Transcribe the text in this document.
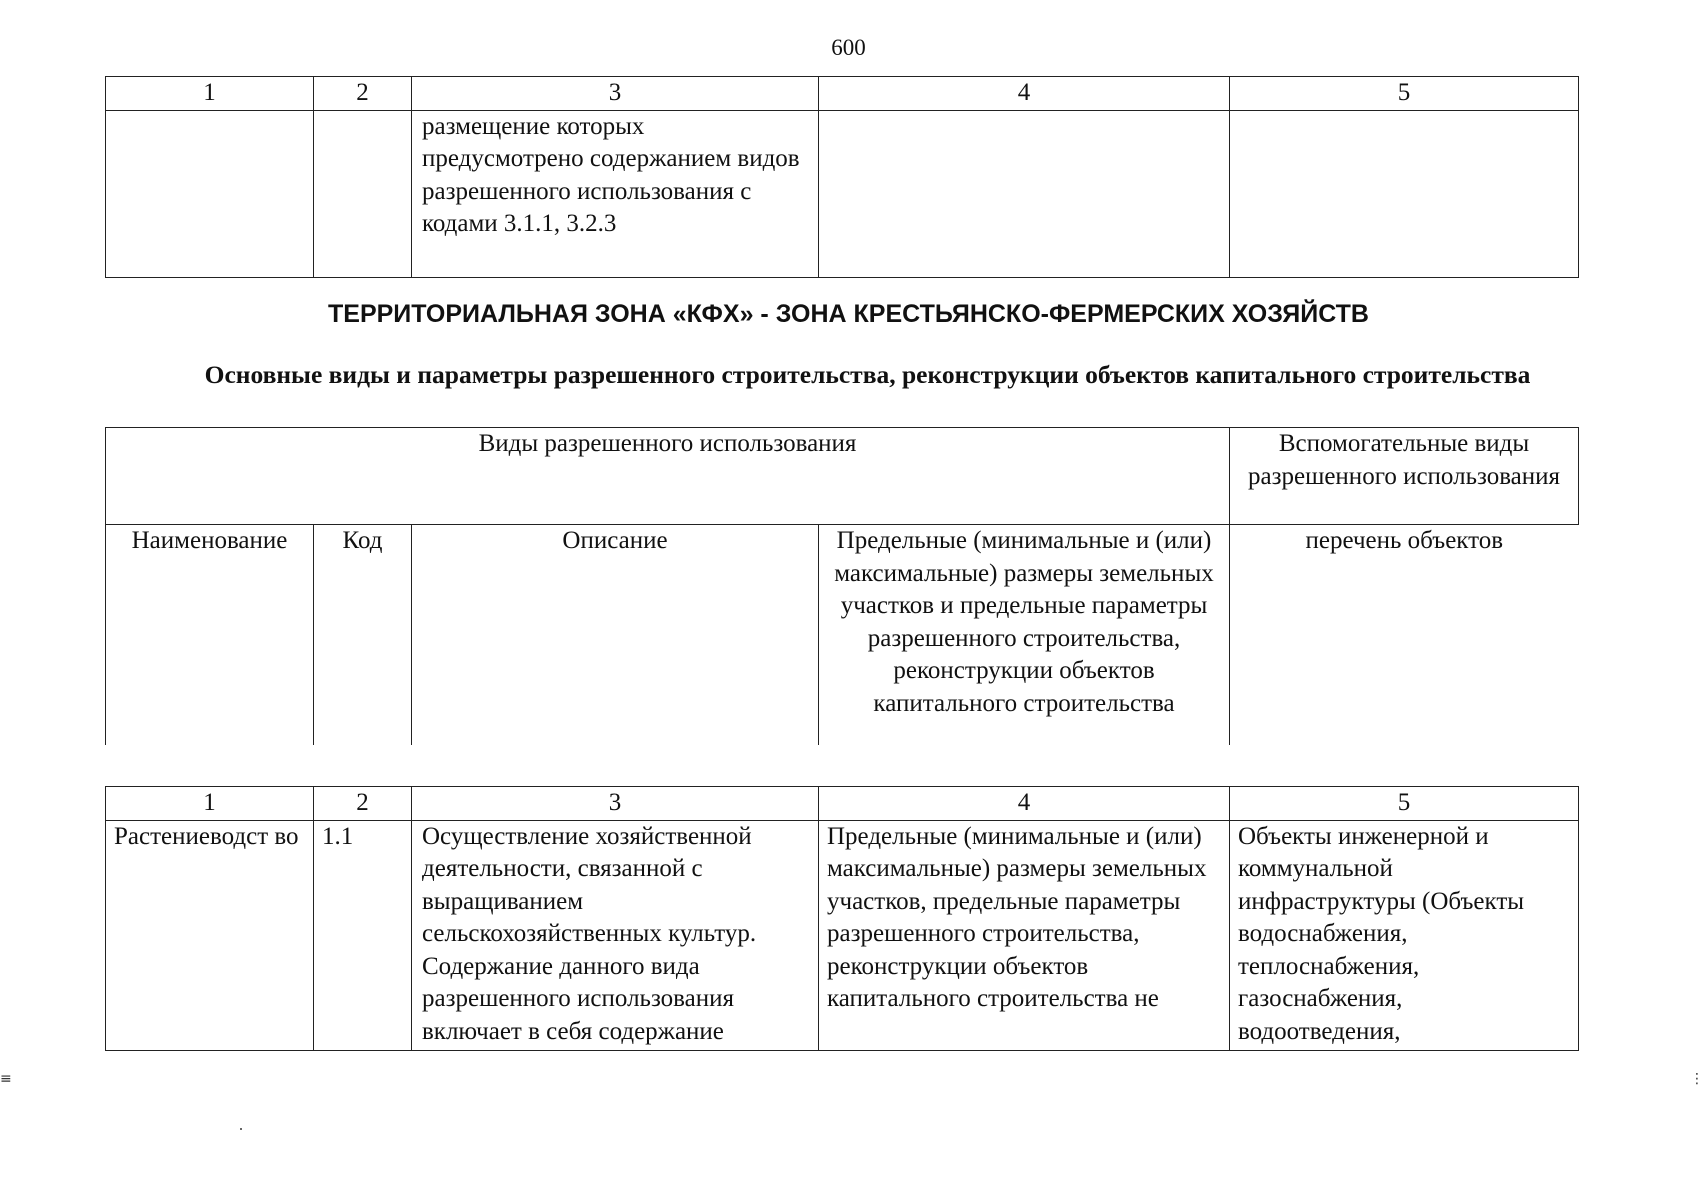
600
1	2	3	4	5
		размещение которых предусмотрено содержанием видов разрешенного использования с кодами 3.1.1, 3.2.3		
ТЕРРИТОРИАЛЬНАЯ ЗОНА «КФХ» - ЗОНА КРЕСТЬЯНСКО-ФЕРМЕРСКИХ ХОЗЯЙСТВ
Основные виды и параметры разрешенного строительства, реконструкции объектов капитального строительства
Виды разрешенного использования				Вспомогательные виды разрешенного использования
Наименование	Код	Описание	Предельные (минимальные и (или) максимальные) размеры земельных участков и предельные параметры разрешенного строительства, реконструкции объектов капитального строительства	перечень объектов
1	2	3	4	5
Растениеводст во	1.1	Осуществление хозяйственной деятельности, связанной с выращиванием сельскохозяйственных культур. Содержание данного вида разрешенного использования включает в себя содержание	Предельные (минимальные и (или) максимальные) размеры земельных участков, предельные параметры разрешенного строительства, реконструкции объектов капитального строительства не	Объекты инженерной и коммунальной инфраструктуры (Объекты водоснабжения, теплоснабжения, газоснабжения, водоотведения,
≡	⋮
